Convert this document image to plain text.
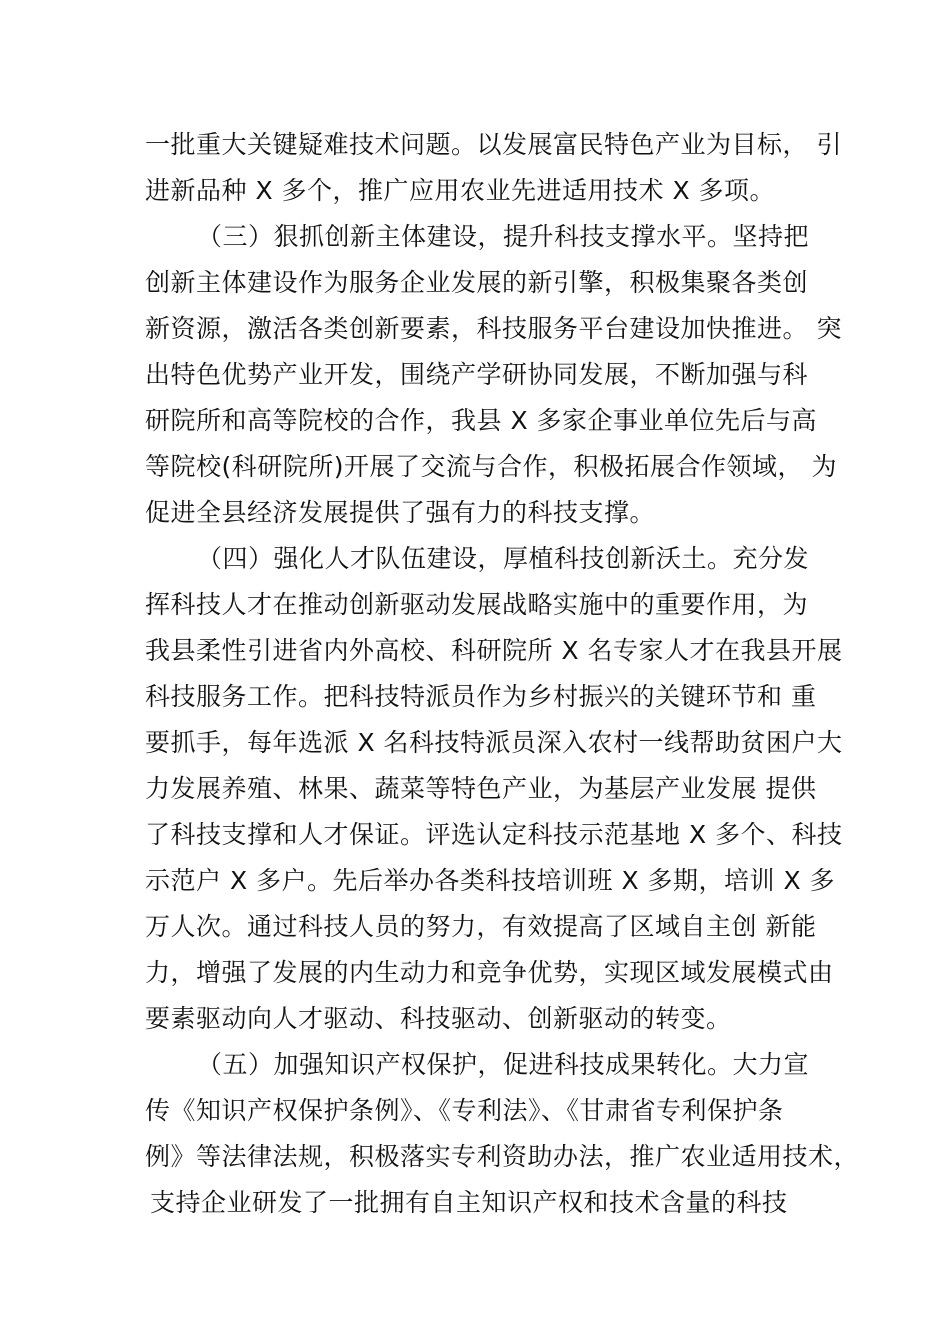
一批重大关键疑难技术问题。以发展富民特色产业为目标， 引
进新品种 X 多个，推广应用农业先进适用技术 X 多项。
（三）狠抓创新主体建设，提升科技支撑水平。坚持把
创新主体建设作为服务企业发展的新引擎，积极集聚各类创
新资源，激活各类创新要素，科技服务平台建设加快推进。 突
出特色优势产业开发，围绕产学研协同发展，不断加强与科
研院所和高等院校的合作，我县 X 多家企事业单位先后与高
等院校(科研院所)开展了交流与合作，积极拓展合作领域， 为
促进全县经济发展提供了强有力的科技支撑。
（四）强化人才队伍建设，厚植科技创新沃土。充分发
挥科技人才在推动创新驱动发展战略实施中的重要作用，为
我县柔性引进省内外高校、科研院所 X 名专家人才在我县开展
科技服务工作。把科技特派员作为乡村振兴的关键环节和 重
要抓手，每年选派 X 名科技特派员深入农村一线帮助贫困户大
力发展养殖、林果、蔬菜等特色产业，为基层产业发展 提供
了科技支撑和人才保证。评选认定科技示范基地 X 多个、科技
示范户 X 多户。先后举办各类科技培训班 X 多期，培训 X 多
万人次。通过科技人员的努力，有效提高了区域自主创 新能
力，增强了发展的内生动力和竞争优势，实现区域发展模式由
要素驱动向人才驱动、科技驱动、创新驱动的转变。
（五）加强知识产权保护，促进科技成果转化。大力宣
传《知识产权保护条例》、《专利法》、《甘肃省专利保护条
例》等法律法规，积极落实专利资助办法，推广农业适用技术，
支持企业研发了一批拥有自主知识产权和技术含量的科技
